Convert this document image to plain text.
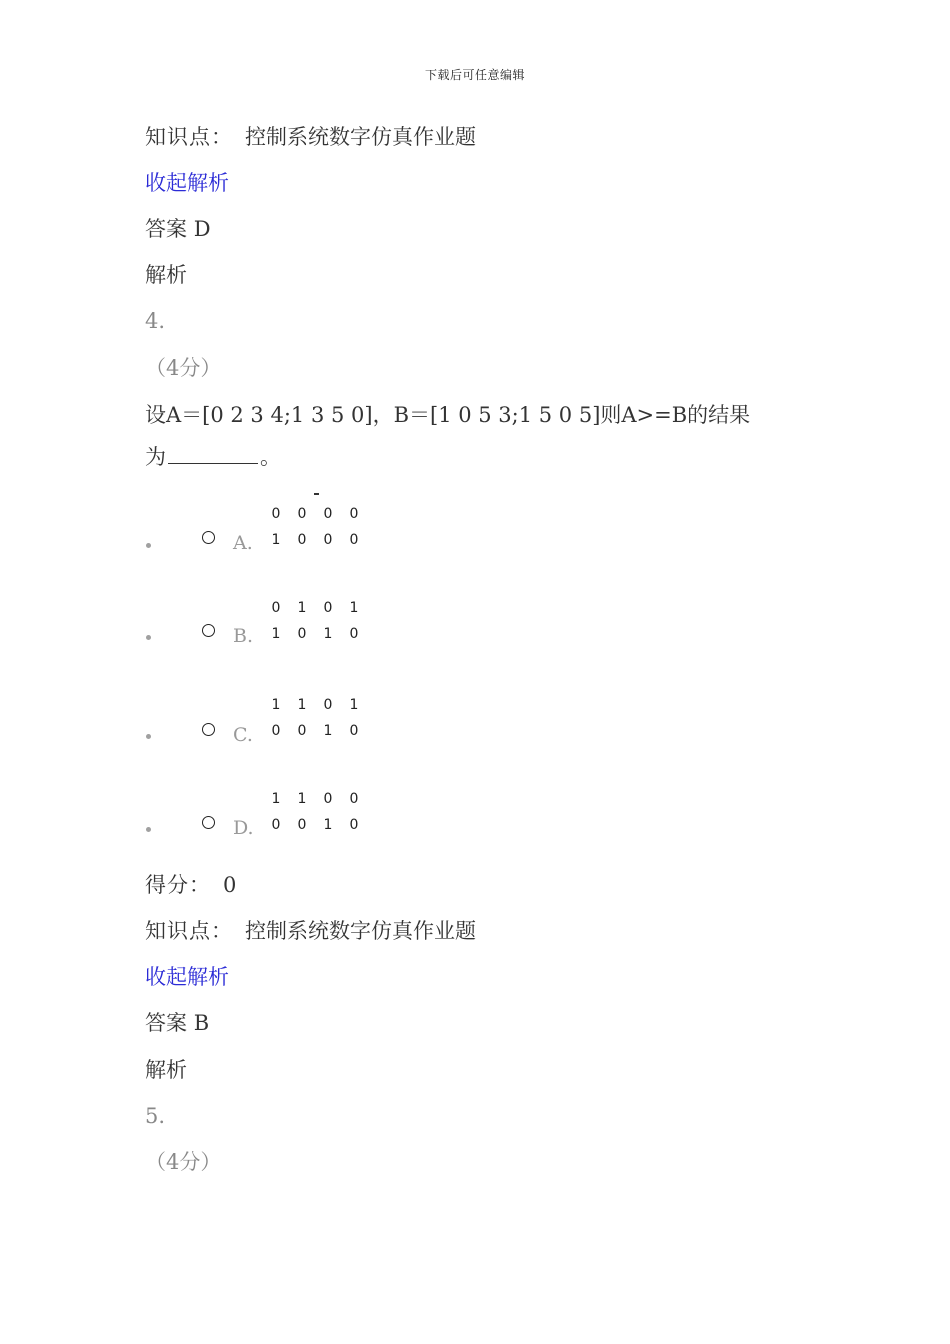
下载后可任意编辑
知识点： 控制系统数字仿真作业题
收起解析
答案 D
解析
4.
（4分）
设A＝[0 2 3 4;1 3 5 0]，B＝[1 0 5 3;1 5 0 5]则A>=B的结果
为	。
A.
0 0 0 0
1 0 0 0
B.
0 1 0 1
1 0 1 0
C.
1 1 0 1
0 0 1 0
D.
1 1 0 0
0 0 1 0
得分： 0
知识点： 控制系统数字仿真作业题
收起解析
答案 B
解析
5.
（4分）
